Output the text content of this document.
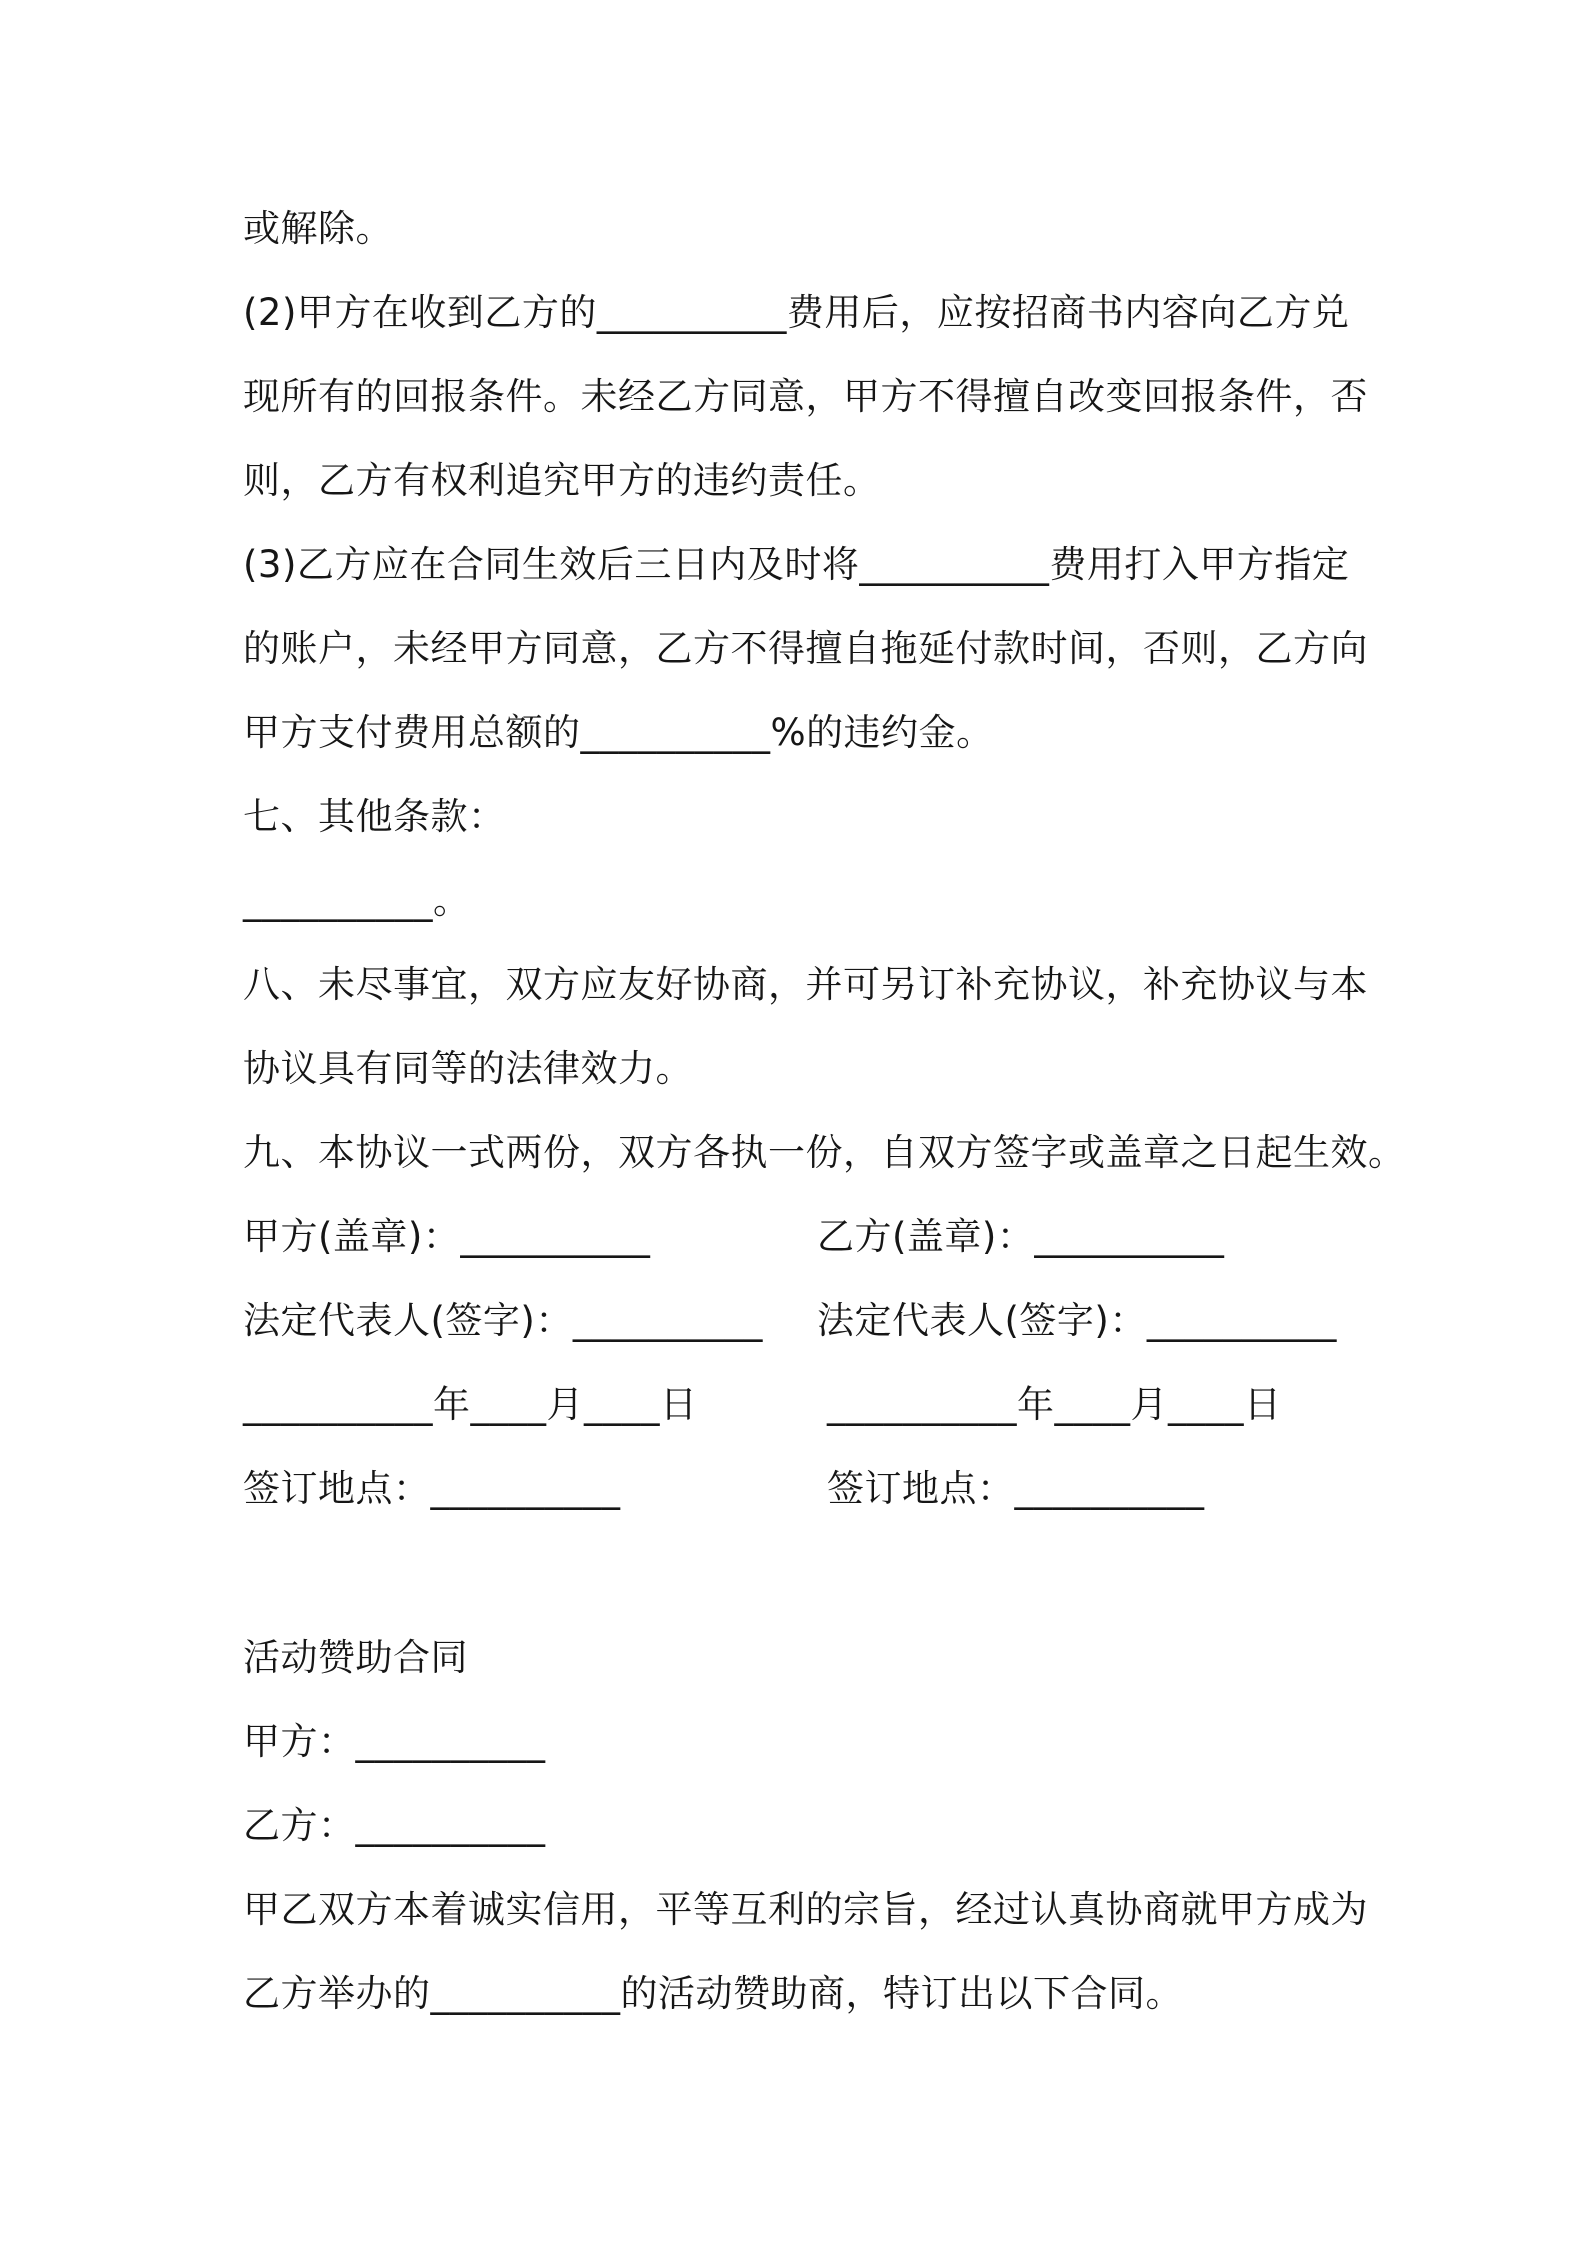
或解除。
(2)甲方在收到乙方的__________费用后，应按招商书内容向乙方兑
现所有的回报条件。未经乙方同意，甲方不得擅自改变回报条件，否
则，乙方有权利追究甲方的违约责任。
(3)乙方应在合同生效后三日内及时将__________费用打入甲方指定
的账户，未经甲方同意，乙方不得擅自拖延付款时间，否则，乙方向
甲方支付费用总额的__________%的违约金。
七、其他条款：
__________。
八、未尽事宜，双方应友好协商，并可另订补充协议，补充协议与本
协议具有同等的法律效力。
九、本协议一式两份，双方各执一份，自双方签字或盖章之日起生效。
甲方(盖章)：__________	乙方(盖章)：__________
法定代表人(签字)：__________ 法定代表人(签字)：__________
__________年____月____日	__________年____月____日
签订地点：__________	签订地点：__________
活动赞助合同
甲方：__________
乙方：__________
甲乙双方本着诚实信用，平等互利的宗旨，经过认真协商就甲方成为
乙方举办的__________的活动赞助商，特订出以下合同。
